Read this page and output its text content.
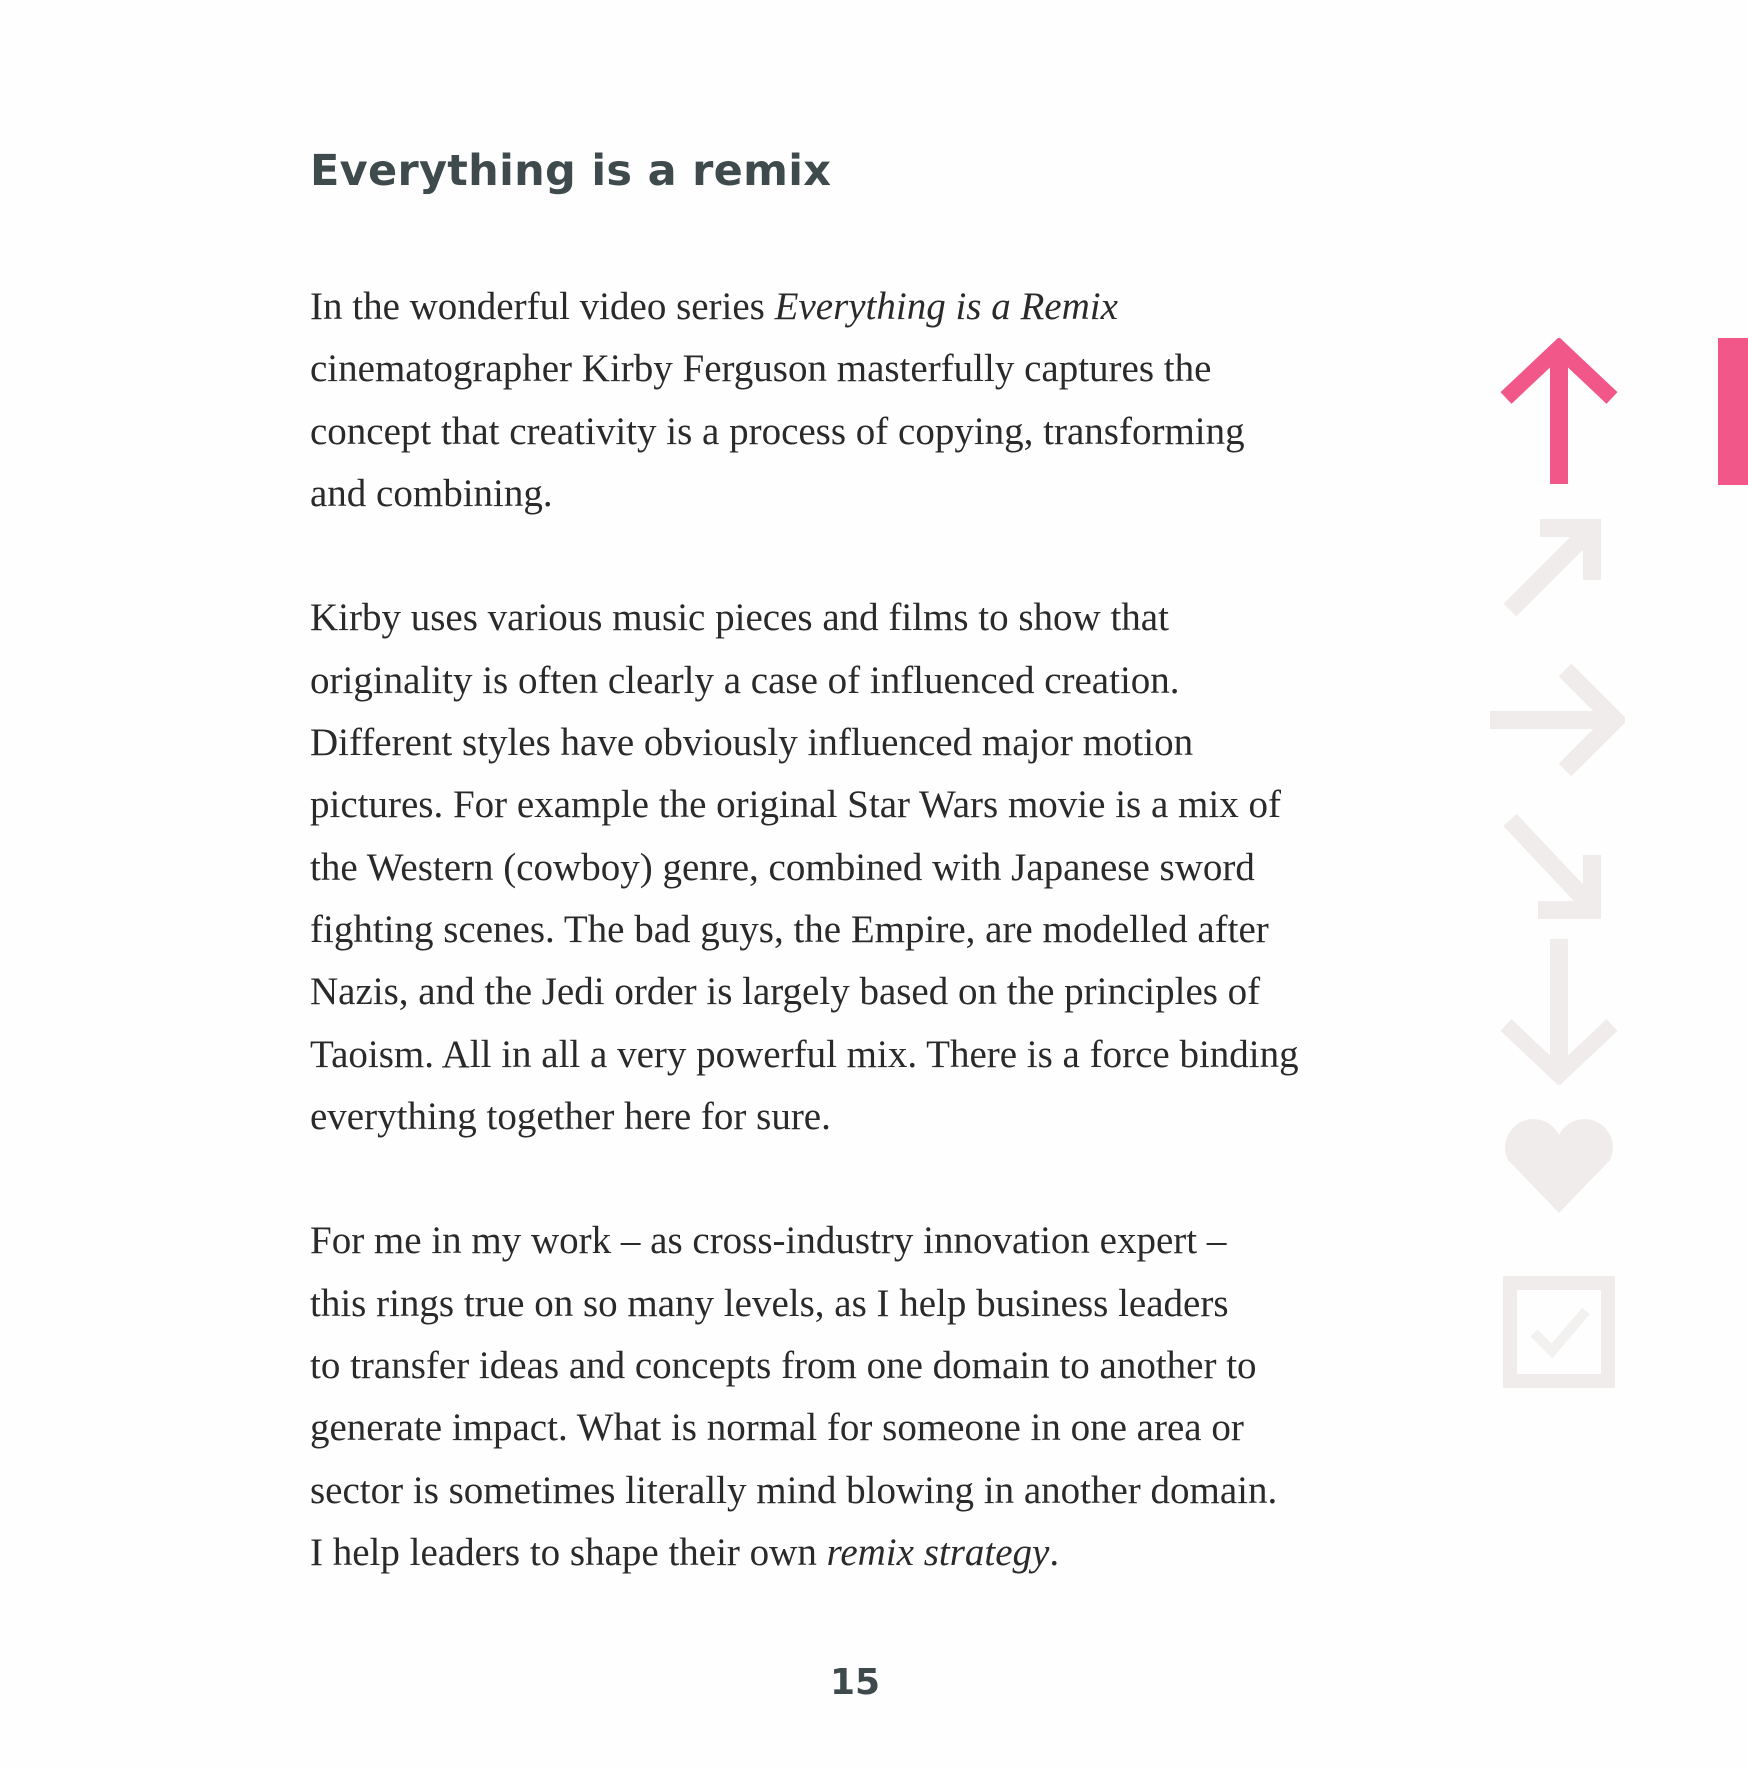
Everything is a remix

In the wonderful video series Everything is a Remix
cinematographer Kirby Ferguson masterfully captures the
concept that creativity is a process of copying, transforming
and combining.

Kirby uses various music pieces and films to show that
originality is often clearly a case of influenced creation.
Different styles have obviously influenced major motion
pictures. For example the original Star Wars movie is a mix of
the Western (cowboy) genre, combined with Japanese sword
fighting scenes. The bad guys, the Empire, are modelled after
Nazis, and the Jedi order is largely based on the principles of
Taoism. All in all a very powerful mix. There is a force binding
everything together here for sure.

For me in my work – as cross-industry innovation expert –
this rings true on so many levels, as I help business leaders
to transfer ideas and concepts from one domain to another to
generate impact. What is normal for someone in one area or
sector is sometimes literally mind blowing in another domain.
I help leaders to shape their own remix strategy.

15
